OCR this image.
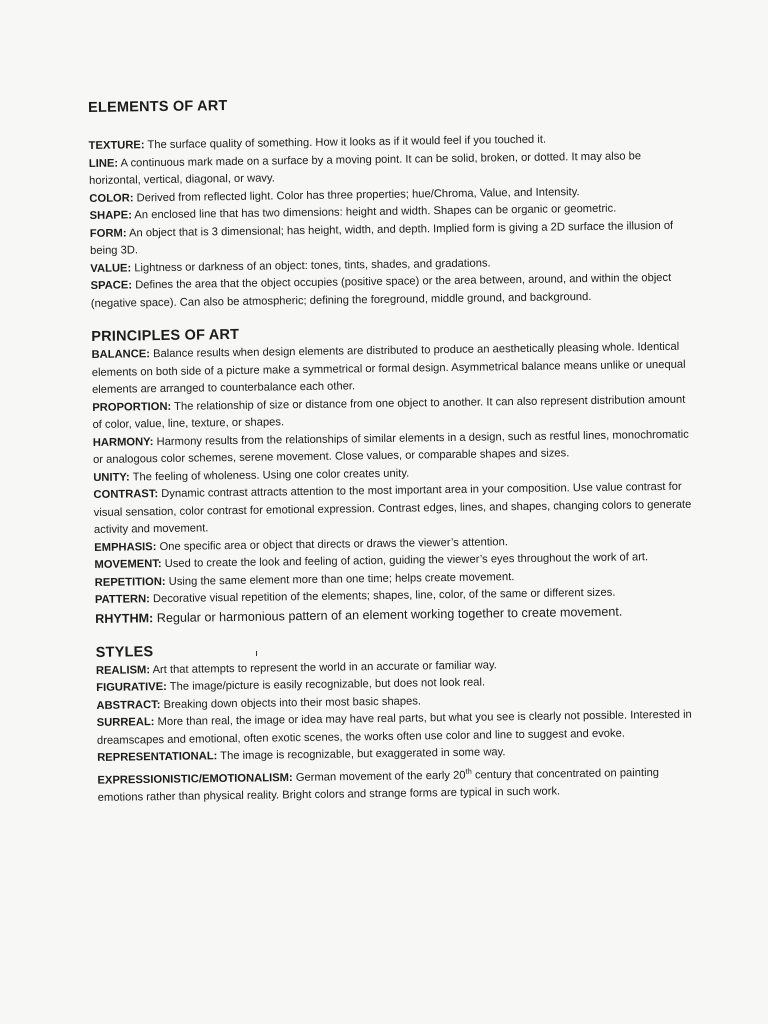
ELEMENTS OF ART

TEXTURE: The surface quality of something. How it looks as if it would feel if you touched it.

LINE: A continuous mark made on a surface by a moving point. It can be solid, broken, or dotted. It may also be horizontal, vertical, diagonal, or wavy.

COLOR: Derived from reflected light. Color has three properties; hue/Chroma, Value, and Intensity.

SHAPE: An enclosed line that has two dimensions: height and width. Shapes can be organic or geometric.

FORM: An object that is 3 dimensional; has height, width, and depth. Implied form is giving a 2D surface the illusion of being 3D.

VALUE: Lightness or darkness of an object: tones, tints, shades, and gradations.

SPACE: Defines the area that the object occupies (positive space) or the area between, around, and within the object (negative space). Can also be atmospheric; defining the foreground, middle ground, and background.

PRINCIPLES OF ART

BALANCE: Balance results when design elements are distributed to produce an aesthetically pleasing whole. Identical elements on both side of a picture make a symmetrical or formal design. Asymmetrical balance means unlike or unequal elements are arranged to counterbalance each other.

PROPORTION: The relationship of size or distance from one object to another. It can also represent distribution amount of color, value, line, texture, or shapes.

HARMONY: Harmony results from the relationships of similar elements in a design, such as restful lines, monochromatic or analogous color schemes, serene movement. Close values, or comparable shapes and sizes.

UNITY: The feeling of wholeness. Using one color creates unity.

CONTRAST: Dynamic contrast attracts attention to the most important area in your composition. Use value contrast for visual sensation, color contrast for emotional expression. Contrast edges, lines, and shapes, changing colors to generate activity and movement.

EMPHASIS: One specific area or object that directs or draws the viewer’s attention.

MOVEMENT: Used to create the look and feeling of action, guiding the viewer’s eyes throughout the work of art.

REPETITION: Using the same element more than one time; helps create movement.

PATTERN: Decorative visual repetition of the elements; shapes, line, color, of the same or different sizes.

RHYTHM: Regular or harmonious pattern of an element working together to create movement.

STYLES

REALISM: Art that attempts to represent the world in an accurate or familiar way.

FIGURATIVE: The image/picture is easily recognizable, but does not look real.

ABSTRACT: Breaking down objects into their most basic shapes.

SURREAL: More than real, the image or idea may have real parts, but what you see is clearly not possible. Interested in dreamscapes and emotional, often exotic scenes, the works often use color and line to suggest and evoke.

REPRESENTATIONAL: The image is recognizable, but exaggerated in some way.

EXPRESSIONISTIC/EMOTIONALISM: German movement of the early 20th century that concentrated on painting emotions rather than physical reality. Bright colors and strange forms are typical in such work.
